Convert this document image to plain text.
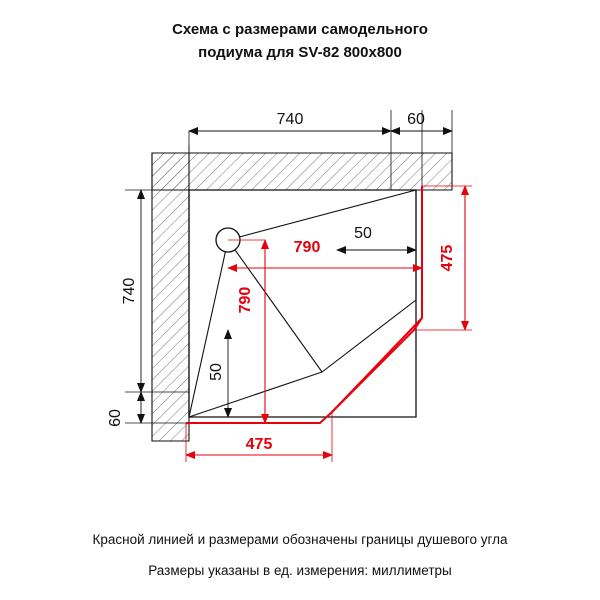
Схема с размерами самодельного
подиума для SV-82 800x800
740	60
740
60
50
50
790
790
475
475
Красной линией и размерами обозначены границы душевого угла
Размеры указаны в ед. измерения: миллиметры
